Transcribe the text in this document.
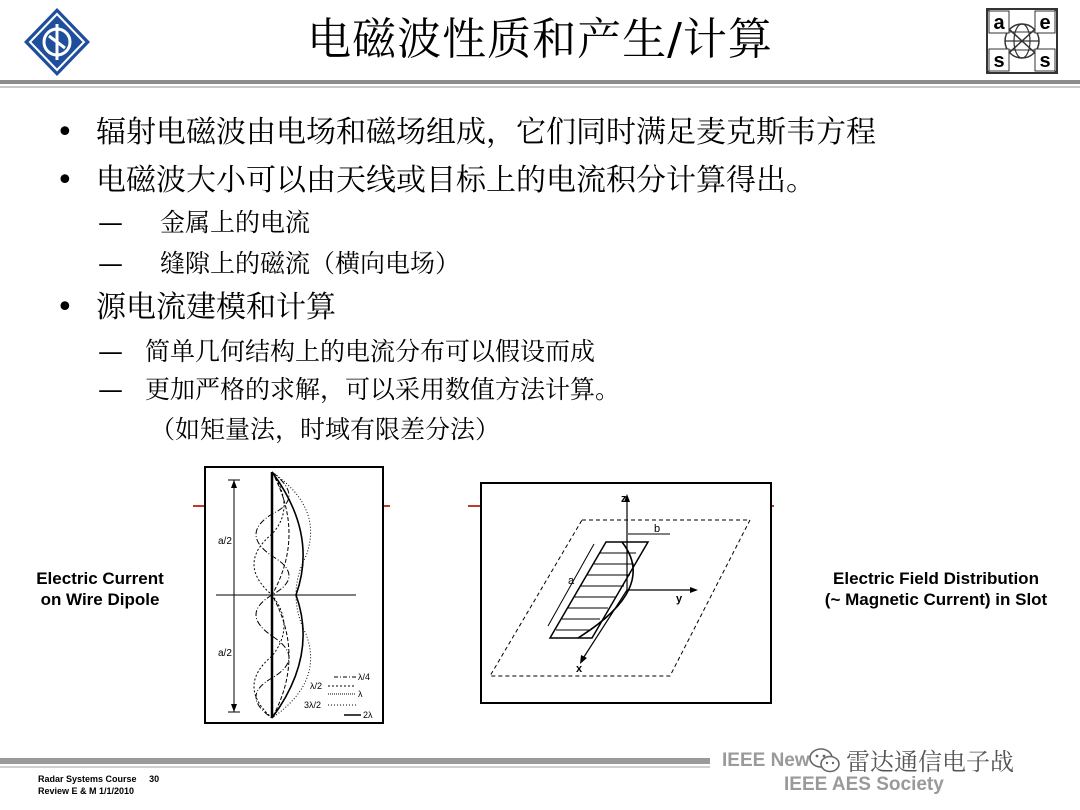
电磁波性质和产生/计算	a e
s s
• 辐射电磁波由电场和磁场组成，它们同时满足麦克斯韦方程
• 电磁波大小可以由天线或目标上的电流积分计算得出。
— 金属上的电流
— 缝隙上的磁流（横向电场）
• 源电流建模和计算
— 简单几何结构上的电流分布可以假设而成
— 更加严格的求解，可以采用数值方法计算。
（如矩量法，时域有限差分法）
Electric Current
on Wire Dipole
a/2
a/2
λ/4
λ/2
λ
3λ/2
2λ
z
y
x
a
b
Electric Field Distribution
(~ Magnetic Current) in Slot
Radar Systems Course 30
Review E & M 1/1/2010
IEEE New
IEEE AES Society
雷达通信电子战
